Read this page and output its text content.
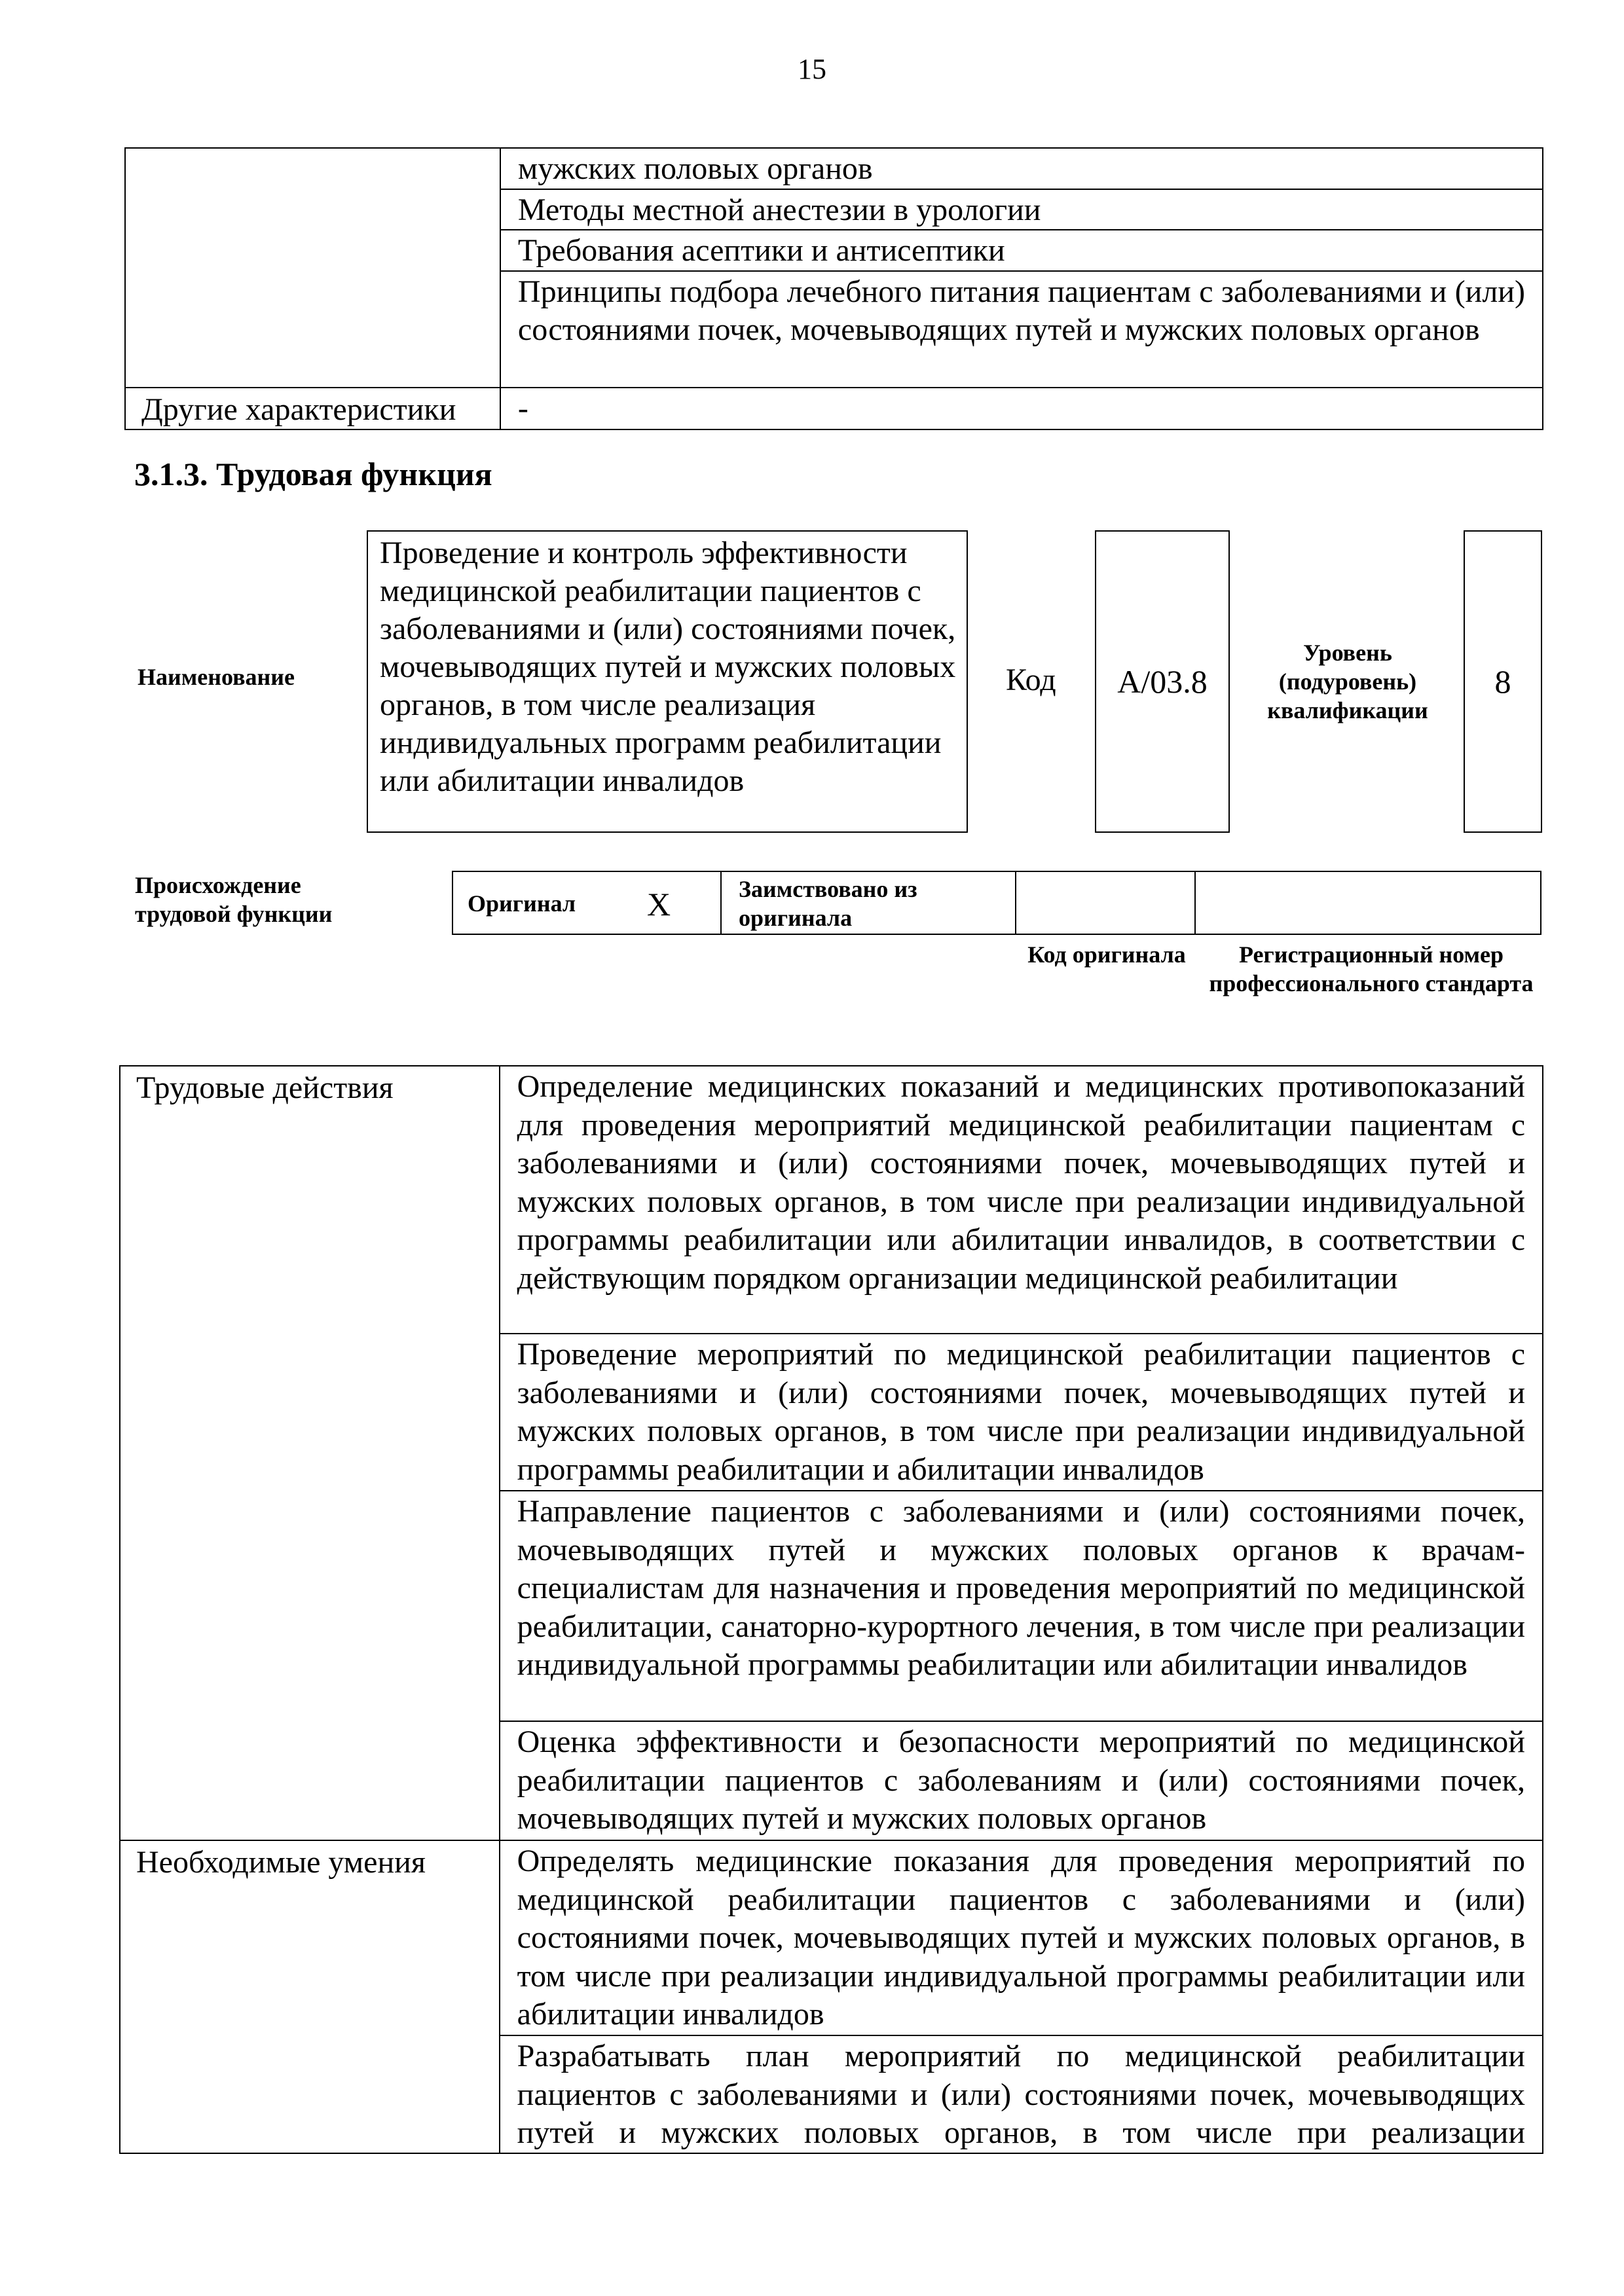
15
	мужских половых органов
	Методы местной анестезии в урологии
	Требования асептики и антисептики
	Принципы подбора лечебного питания пациентам с заболеваниями и (или) состояниями почек, мочевыводящих путей и мужских половых органов
Другие характеристики	-
3.1.3. Трудовая функция
Наименование
Проведение и контроль эффективности медицинской реабилитации пациентов с заболеваниями и (или) состояниями почек, мочевыводящих путей и мужских половых органов, в том числе реализация индивидуальных программ реабилитации или абилитации инвалидов
Код А/03.8
Уровень (подуровень) квалификации
8
Происхождение трудовой функции	Оригинал Х	Заимствовано из оригинала
Код оригинала	Регистрационный номер профессионального стандарта
Трудовые действия	Определение медицинских показаний и медицинских противопоказаний для проведения мероприятий медицинской реабилитации пациентам с заболеваниями и (или) состояниями почек, мочевыводящих путей и мужских половых органов, в том числе при реализации индивидуальной программы реабилитации или абилитации инвалидов, в соответствии с действующим порядком организации медицинской реабилитации
	Проведение мероприятий по медицинской реабилитации пациентов с заболеваниями и (или) состояниями почек, мочевыводящих путей и мужских половых органов, в том числе при реализации индивидуальной программы реабилитации и абилитации инвалидов
	Направление пациентов с заболеваниями и (или) состояниями почек, мочевыводящих путей и мужских половых органов к врачам-специалистам для назначения и проведения мероприятий по медицинской реабилитации, санаторно-курортного лечения, в том числе при реализации индивидуальной программы реабилитации или абилитации инвалидов
	Оценка эффективности и безопасности мероприятий по медицинской реабилитации пациентов с заболеваниям и (или) состояниями почек, мочевыводящих путей и мужских половых органов
Необходимые умения	Определять медицинские показания для проведения мероприятий по медицинской реабилитации пациентов с заболеваниями и (или) состояниями почек, мочевыводящих путей и мужских половых органов, в том числе при реализации индивидуальной программы реабилитации или абилитации инвалидов
	Разрабатывать план мероприятий по медицинской реабилитации пациентов с заболеваниями и (или) состояниями почек, мочевыводящих путей и мужских половых органов, в том числе при реализации
